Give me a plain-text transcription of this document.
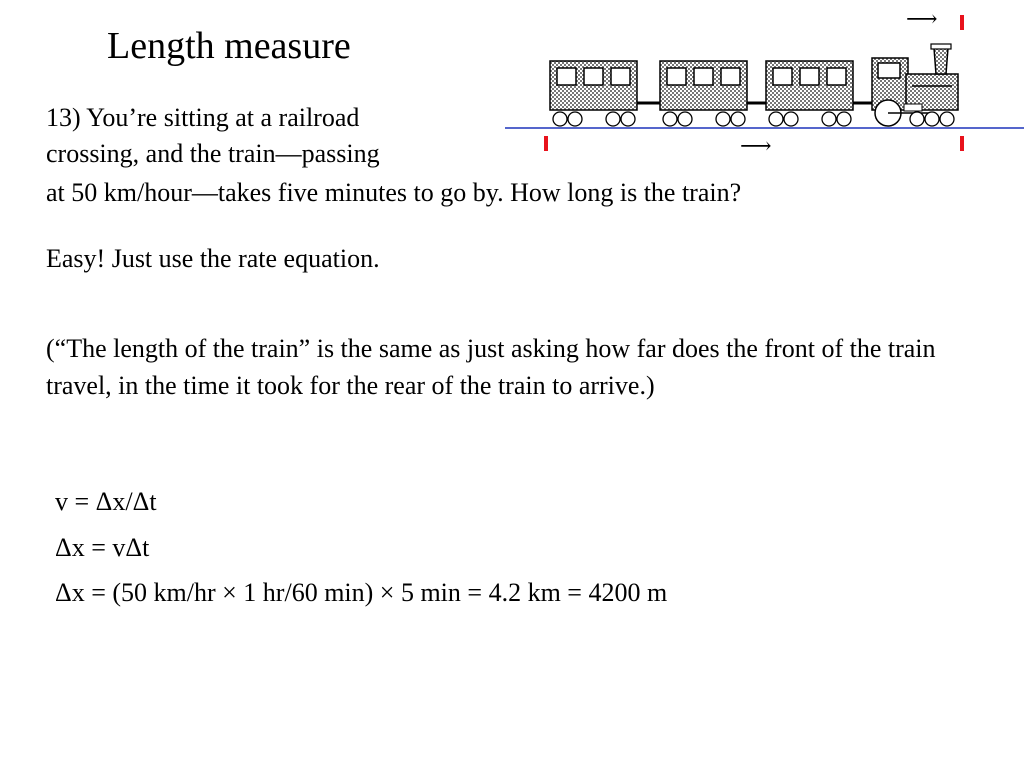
Length measure
13) You’re sitting at a railroad
crossing, and the train—passing
at 50 km/hour—takes five minutes to go by. How long is the train?
Easy! Just use the rate equation.
(“The length of the train” is the same as just asking how far does the front of the train travel, in the time it took for the rear of the train to arrive.)
v = Δx/Δt
Δx = vΔt
Δx = (50 km/hr × 1 hr/60 min) × 5 min = 4.2 km = 4200 m
⟶
⟶
